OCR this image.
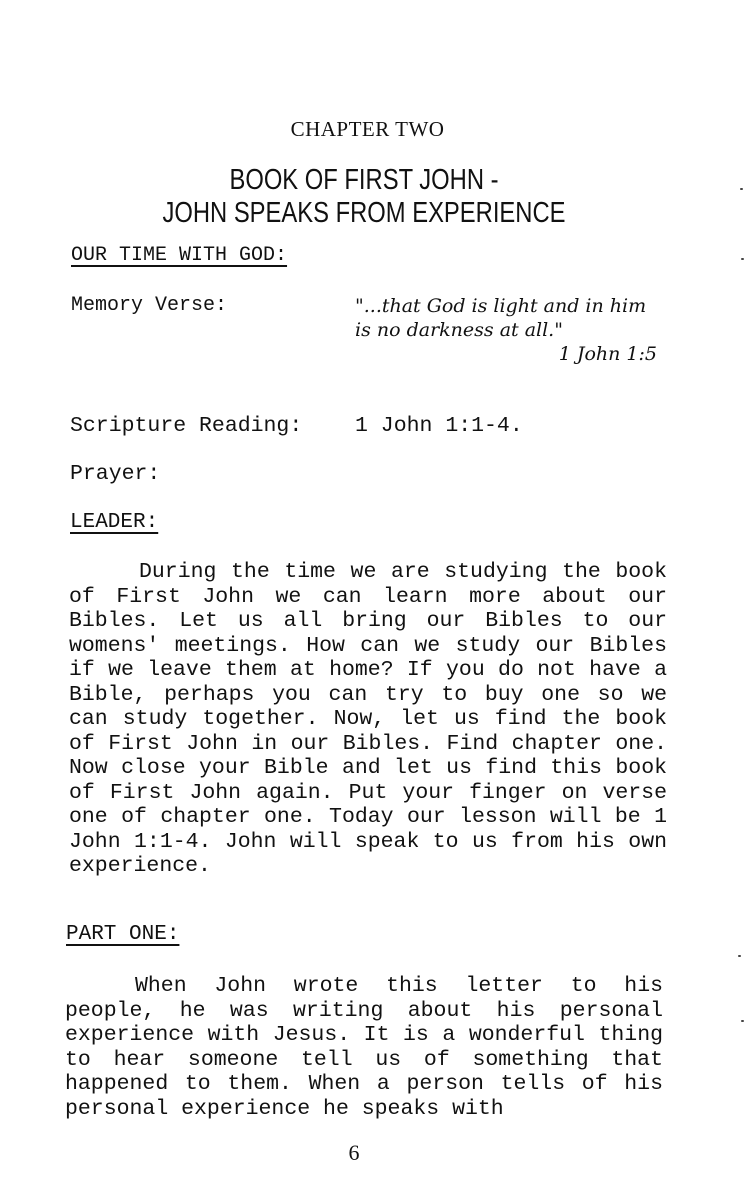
CHAPTER TWO
BOOK OF FIRST JOHN -
JOHN SPEAKS FROM EXPERIENCE
OUR TIME WITH GOD:
Memory Verse:	"...that God is light and in him is no darkness at all."
1 John 1:5
Scripture Reading: 1 John 1:1-4.
Prayer:
LEADER:

During the time we are studying the book of First John we can learn more about our Bibles. Let us all bring our Bibles to our womens' meetings. How can we study our Bibles if we leave them at home? If you do not have a Bible, perhaps you can try to buy one so we can study together. Now, let us find the book of First John in our Bibles. Find chapter one. Now close your Bible and let us find this book of First John again. Put your finger on verse one of chapter one. Today our lesson will be 1 John 1:1-4. John will speak to us from his own experience.

PART ONE:

When John wrote this letter to his people, he was writing about his personal experience with Jesus. It is a wonderful thing to hear someone tell us of something that happened to them. When a person tells of his personal experience he speaks with

6
